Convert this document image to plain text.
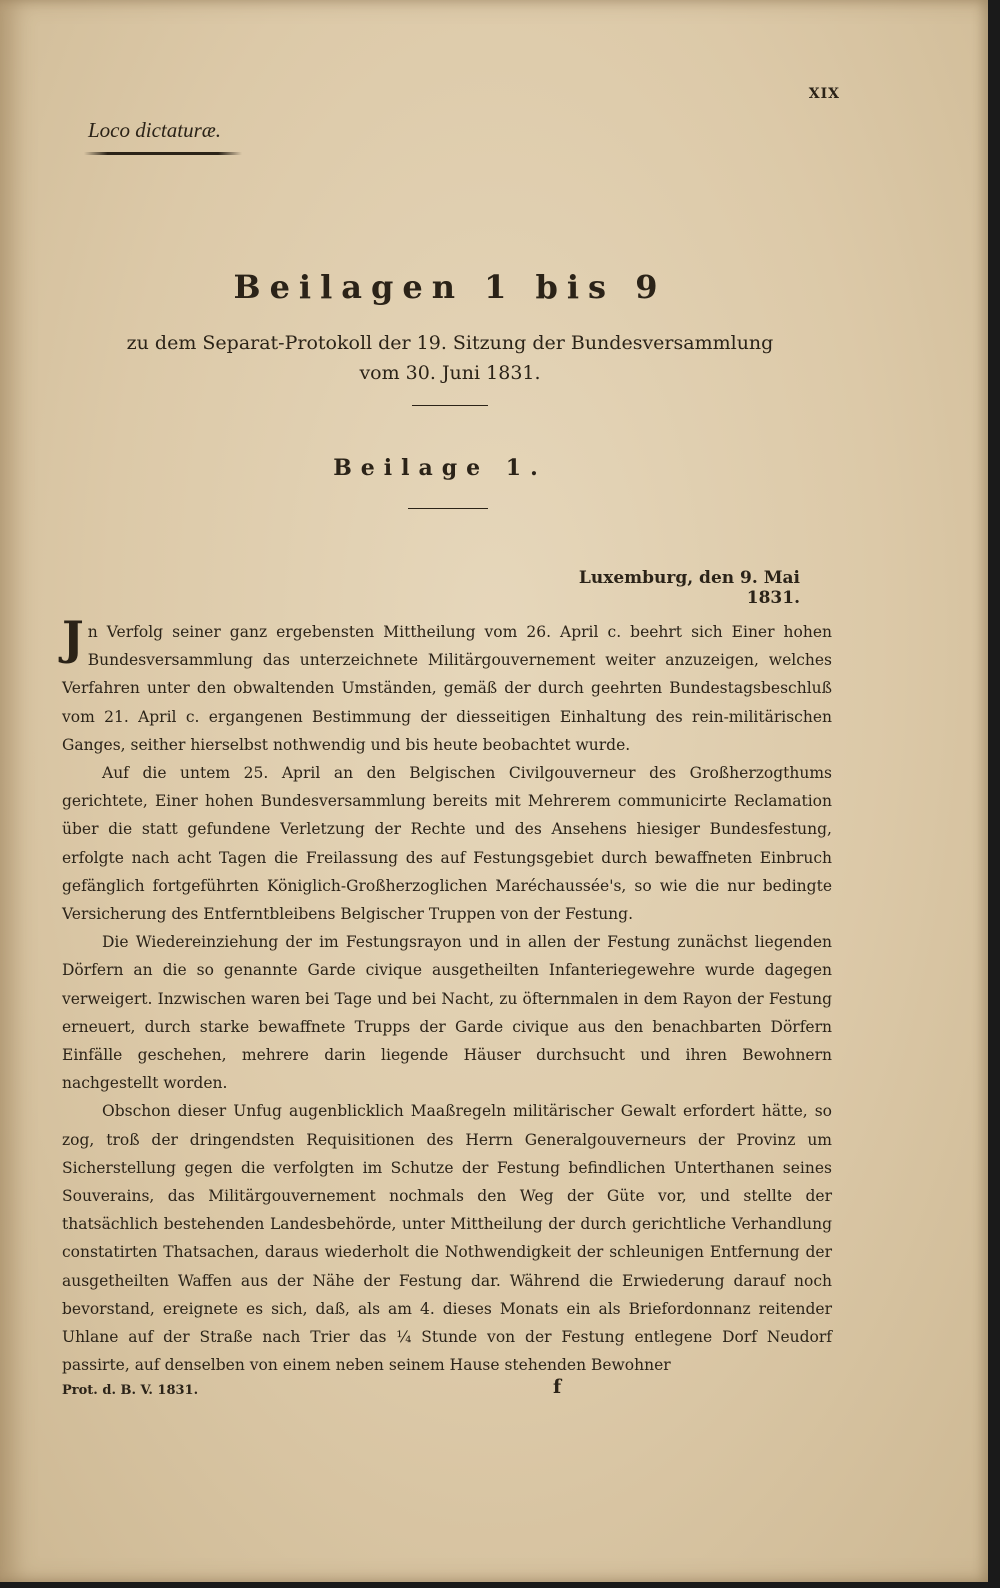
XIX
Loco dictaturæ.
Beilagen 1 bis 9
zu dem Separat-Protokoll der 19. Sitzung der Bundesversammlung
vom 30. Juni 1831.
Beilage 1.
Luxemburg, den 9. Mai 1831.

Jn Verfolg seiner ganz ergebensten Mittheilung vom 26. April c. beehrt sich Einer hohen Bundesversammlung das unterzeichnete Militärgouvernement weiter anzuzeigen, welches Verfahren unter den obwaltenden Umständen, gemäß der durch geehrten Bundestagsbeschluß vom 21. April c. ergangenen Bestimmung der diesseitigen Einhaltung des rein-militärischen Ganges, seither hierselbst nothwendig und bis heute beobachtet wurde.

Auf die untem 25. April an den Belgischen Civilgouverneur des Großherzogthums gerichtete, Einer hohen Bundesversammlung bereits mit Mehrerem communicirte Reclamation über die statt gefundene Verletzung der Rechte und des Ansehens hiesiger Bundesfestung, erfolgte nach acht Tagen die Freilassung des auf Festungsgebiet durch bewaffneten Einbruch gefänglich fortgeführten Königlich-Großherzoglichen Maréchaussée's, so wie die nur bedingte Versicherung des Entferntbleibens Belgischer Truppen von der Festung.

Die Wiedereinziehung der im Festungsrayon und in allen der Festung zunächst liegenden Dörfern an die so genannte Garde civique ausgetheilten Infanteriegewehre wurde dagegen verweigert. Inzwischen waren bei Tage und bei Nacht, zu öfternmalen in dem Rayon der Festung erneuert, durch starke bewaffnete Trupps der Garde civique aus den benachbarten Dörfern Einfälle geschehen, mehrere darin liegende Häuser durchsucht und ihren Bewohnern nachgestellt worden.

Obschon dieser Unfug augenblicklich Maaßregeln militärischer Gewalt erfordert hätte, so zog, troß der dringendsten Requisitionen des Herrn Generalgouverneurs der Provinz um Sicherstellung gegen die verfolgten im Schutze der Festung befindlichen Unterthanen seines Souverains, das Militärgouvernement nochmals den Weg der Güte vor, und stellte der thatsächlich bestehenden Landesbehörde, unter Mittheilung der durch gerichtliche Verhandlung constatirten Thatsachen, daraus wiederholt die Nothwendigkeit der schleunigen Entfernung der ausgetheilten Waffen aus der Nähe der Festung dar. Während die Erwiederung darauf noch bevorstand, ereignete es sich, daß, als am 4. dieses Monats ein als Briefordonnanz reitender Uhlane auf der Straße nach Trier das ¼ Stunde von der Festung entlegene Dorf Neudorf passirte, auf denselben von einem neben seinem Hause stehenden Bewohner

Prot. d. B. V. 1831.	f
